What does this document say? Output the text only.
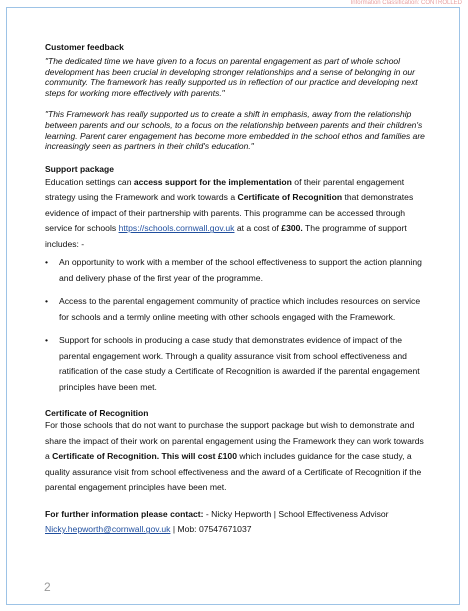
Information Classification: CONTROLLED

Customer feedback

"The dedicated time we have given to a focus on parental engagement as part of whole school development has been crucial in developing stronger relationships and a sense of belonging in our community. The framework has really supported us in reflection of our practice and developing next steps for working more effectively with parents."

"This Framework has really supported us to create a shift in emphasis, away from the relationship between parents and our schools, to a focus on the relationship between parents and their children's learning. Parent carer engagement has become more embedded in the school ethos and families are increasingly seen as partners in their child's education."

Support package

Education settings can access support for the implementation of their parental engagement strategy using the Framework and work towards a Certificate of Recognition that demonstrates evidence of impact of their partnership with parents. This programme can be accessed through service for schools https://schools.cornwall.gov.uk at a cost of £300. The programme of support includes: -

• An opportunity to work with a member of the school effectiveness to support the action planning and delivery phase of the first year of the programme.
• Access to the parental engagement community of practice which includes resources on service for schools and a termly online meeting with other schools engaged with the Framework.
• Support for schools in producing a case study that demonstrates evidence of impact of the parental engagement work. Through a quality assurance visit from school effectiveness and ratification of the case study a Certificate of Recognition is awarded if the parental engagement principles have been met.

Certificate of Recognition

For those schools that do not want to purchase the support package but wish to demonstrate and share the impact of their work on parental engagement using the Framework they can work towards a Certificate of Recognition. This will cost £100 which includes guidance for the case study, a quality assurance visit from school effectiveness and the award of a Certificate of Recognition if the parental engagement principles have been met.

For further information please contact: - Nicky Hepworth | School Effectiveness Advisor
Nicky.hepworth@cornwall.gov.uk | Mob: 07547671037

2
